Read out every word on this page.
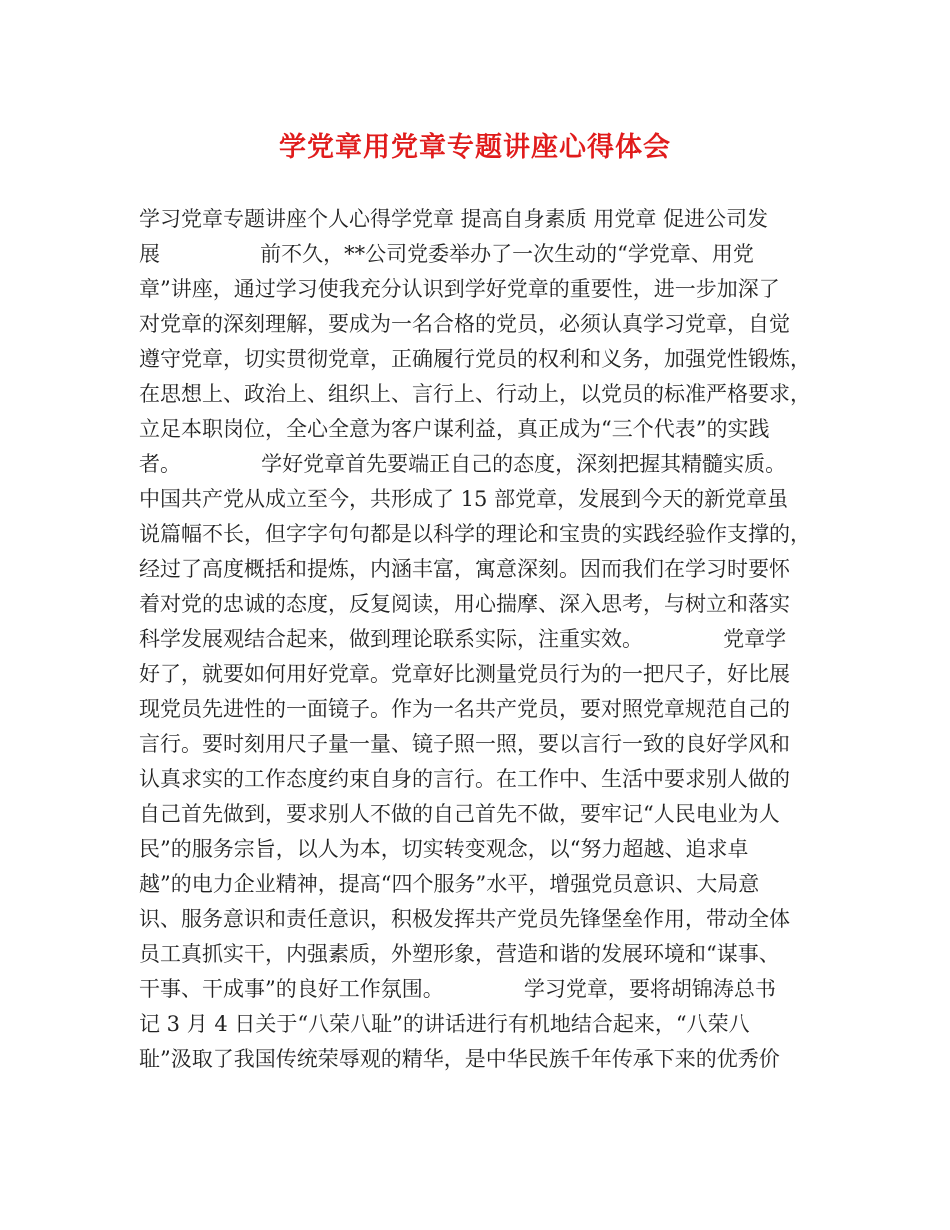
学党章用党章专题讲座心得体会
学习党章专题讲座个人心得学党章 提高自身素质 用党章 促进公司发
展               前不久，**公司党委举办了一次生动的“学党章、用党
章”讲座，通过学习使我充分认识到学好党章的重要性，进一步加深了
对党章的深刻理解，要成为一名合格的党员，必须认真学习党章，自觉
遵守党章，切实贯彻党章，正确履行党员的权利和义务，加强党性锻炼，
在思想上、政治上、组织上、言行上、行动上，以党员的标准严格要求，
立足本职岗位，全心全意为客户谋利益，真正成为“三个代表”的实践
者。            学好党章首先要端正自己的态度，深刻把握其精髓实质。
中国共产党从成立至今，共形成了 15 部党章，发展到今天的新党章虽
说篇幅不长，但字字句句都是以科学的理论和宝贵的实践经验作支撑的，
经过了高度概括和提炼，内涵丰富，寓意深刻。因而我们在学习时要怀
着对党的忠诚的态度，反复阅读，用心揣摩、深入思考，与树立和落实
科学发展观结合起来，做到理论联系实际，注重实效。            党章学
好了，就要如何用好党章。党章好比测量党员行为的一把尺子，好比展
现党员先进性的一面镜子。作为一名共产党员，要对照党章规范自己的
言行。要时刻用尺子量一量、镜子照一照，要以言行一致的良好学风和
认真求实的工作态度约束自身的言行。在工作中、生活中要求别人做的
自己首先做到，要求别人不做的自己首先不做，要牢记“人民电业为人
民”的服务宗旨，以人为本，切实转变观念，以“努力超越、追求卓
越”的电力企业精神，提高“四个服务”水平，增强党员意识、大局意
识、服务意识和责任意识，积极发挥共产党员先锋堡垒作用，带动全体
员工真抓实干，内强素质，外塑形象，营造和谐的发展环境和“谋事、
干事、干成事”的良好工作氛围。            学习党章，要将胡锦涛总书
记 3 月 4 日关于“八荣八耻”的讲话进行有机地结合起来，“八荣八
耻”汲取了我国传统荣辱观的精华，是中华民族千年传承下来的优秀价
